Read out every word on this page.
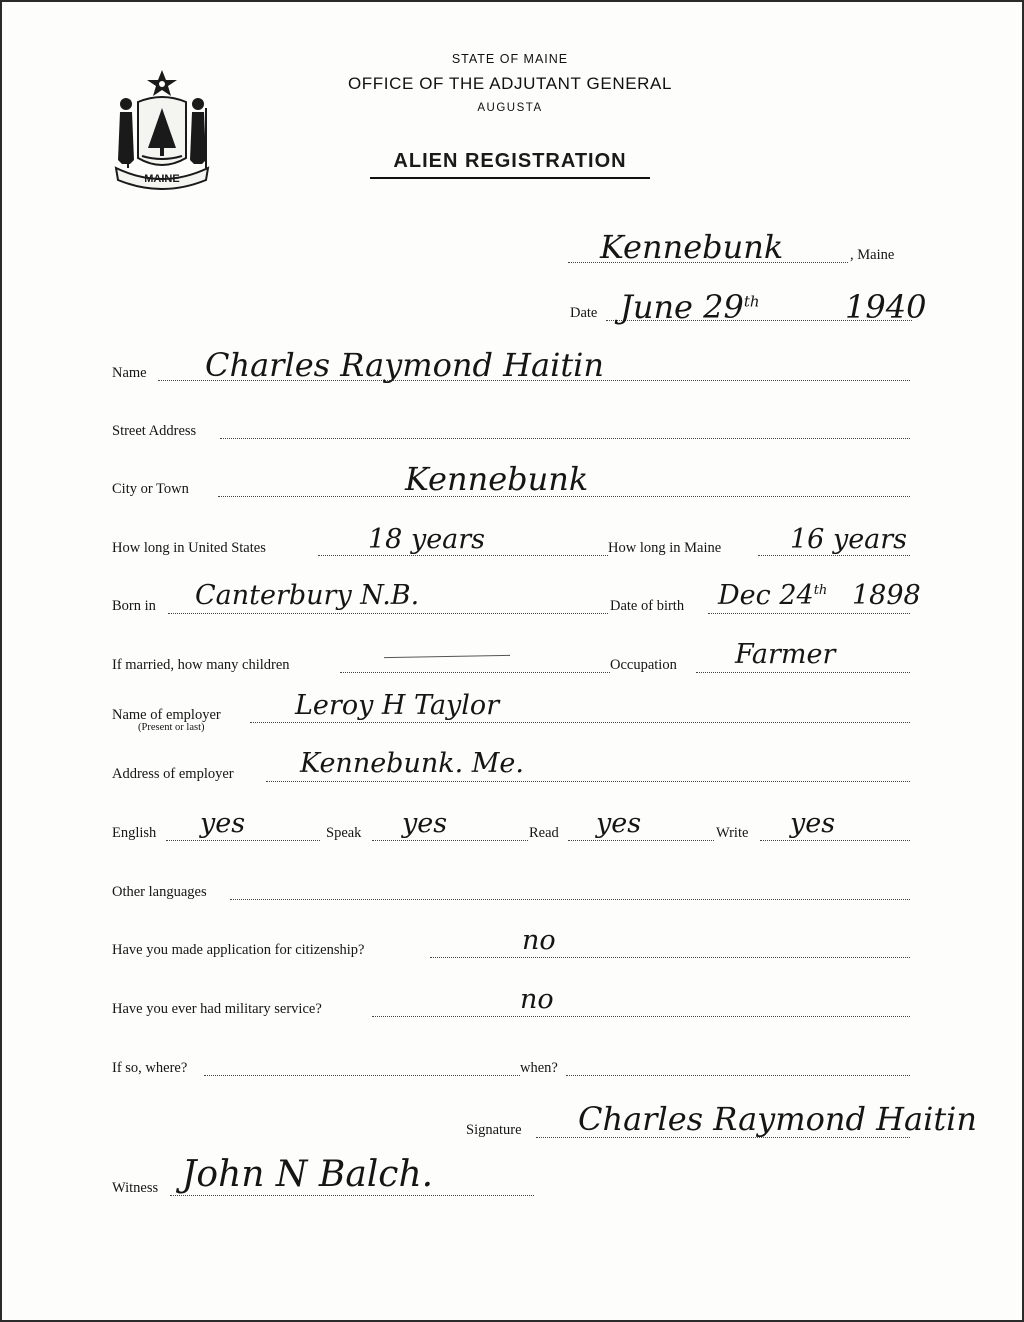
MAINE
STATE OF MAINE
OFFICE OF THE ADJUTANT GENERAL
AUGUSTA
ALIEN REGISTRATION
Kennebunk	, Maine
Date June 29th	1940
Name Charles Raymond Haitin
Street Address
City or Town	Kennebunk
How long in United States	18 years	How long in Maine	16 years
Born in Canterbury N.B.	Date of birth Dec 24th 1898
If married, how many children	Occupation Farmer
Name of employer
(Present or last)
Leroy H Taylor
Address of employer Kennebunk. Me.
English yes	Speak yes	Read yes	Write yes
Other languages
Have you made application for citizenship?	no
Have you ever had military service?	no
If so, where?	when?
Signature Charles Raymond Haitin
Witness John N Balch.
